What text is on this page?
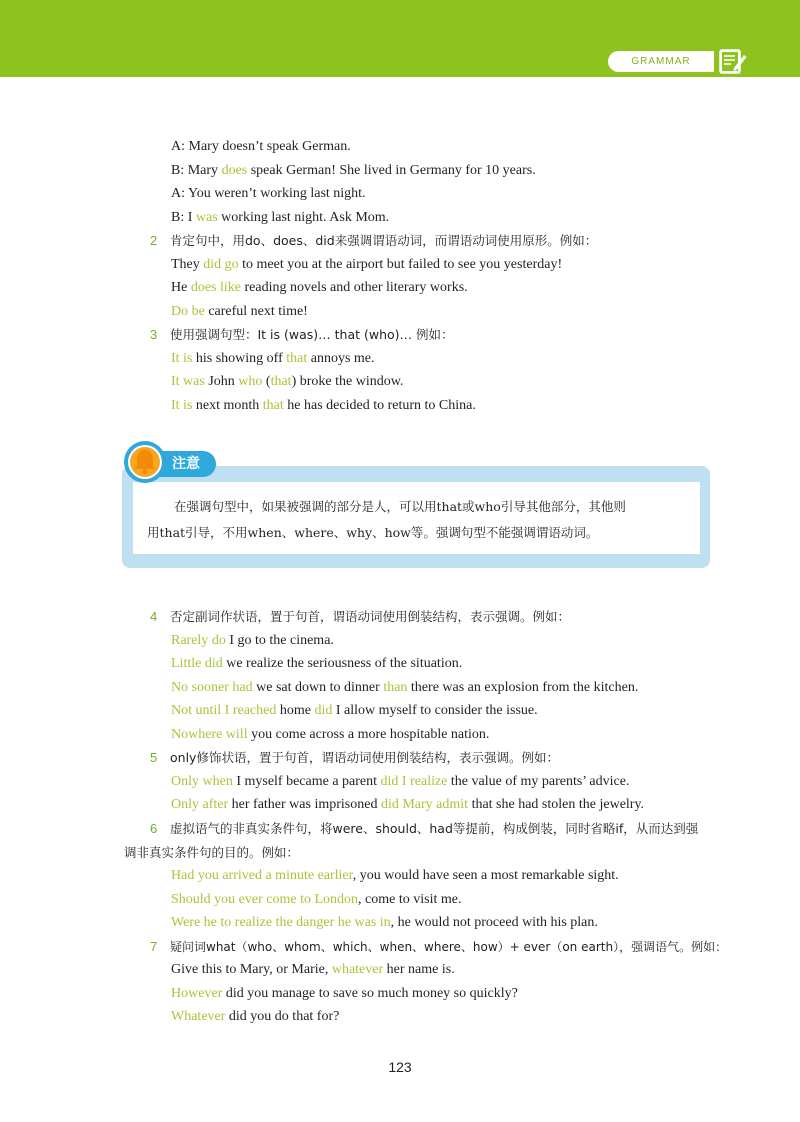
GRAMMAR
A: Mary doesn’t speak German.
B: Mary does speak German! She lived in Germany for 10 years.
A: You weren’t working last night.
B: I was working last night. Ask Mom.
2 肯定句中，用do、does、did来强调谓语动词，而谓语动词使用原形。例如：
They did go to meet you at the airport but failed to see you yesterday!
He does like reading novels and other literary works.
Do be careful next time!
3 使用强调句型：It is (was)… that (who)… 例如：
It is his showing off that annoys me.
It was John who (that) broke the window.
It is next month that he has decided to return to China.
在强调句型中，如果被强调的部分是人，可以用that或who引导其他部分，其他则
用that引导，不用when、where、why、how等。强调句型不能强调谓语动词。
注意
4 否定副词作状语，置于句首，谓语动词使用倒装结构，表示强调。例如：
Rarely do I go to the cinema.
Little did we realize the seriousness of the situation.
No sooner had we sat down to dinner than there was an explosion from the kitchen.
Not until I reached home did I allow myself to consider the issue.
Nowhere will you come across a more hospitable nation.
5 only修饰状语，置于句首，谓语动词使用倒装结构，表示强调。例如：
Only when I myself became a parent did I realize the value of my parents’ advice.
Only after her father was imprisoned did Mary admit that she had stolen the jewelry.
6 虚拟语气的非真实条件句，将were、should、had等提前，构成倒装，同时省略if，从而达到强
调非真实条件句的目的。例如：
Had you arrived a minute earlier, you would have seen a most remarkable sight.
Should you ever come to London, come to visit me.
Were he to realize the danger he was in, he would not proceed with his plan.
7 疑问词what（who、whom、which、when、where、how）+ ever（on earth），强调语气。例如：
Give this to Mary, or Marie, whatever her name is.
However did you manage to save so much money so quickly?
Whatever did you do that for?
123
